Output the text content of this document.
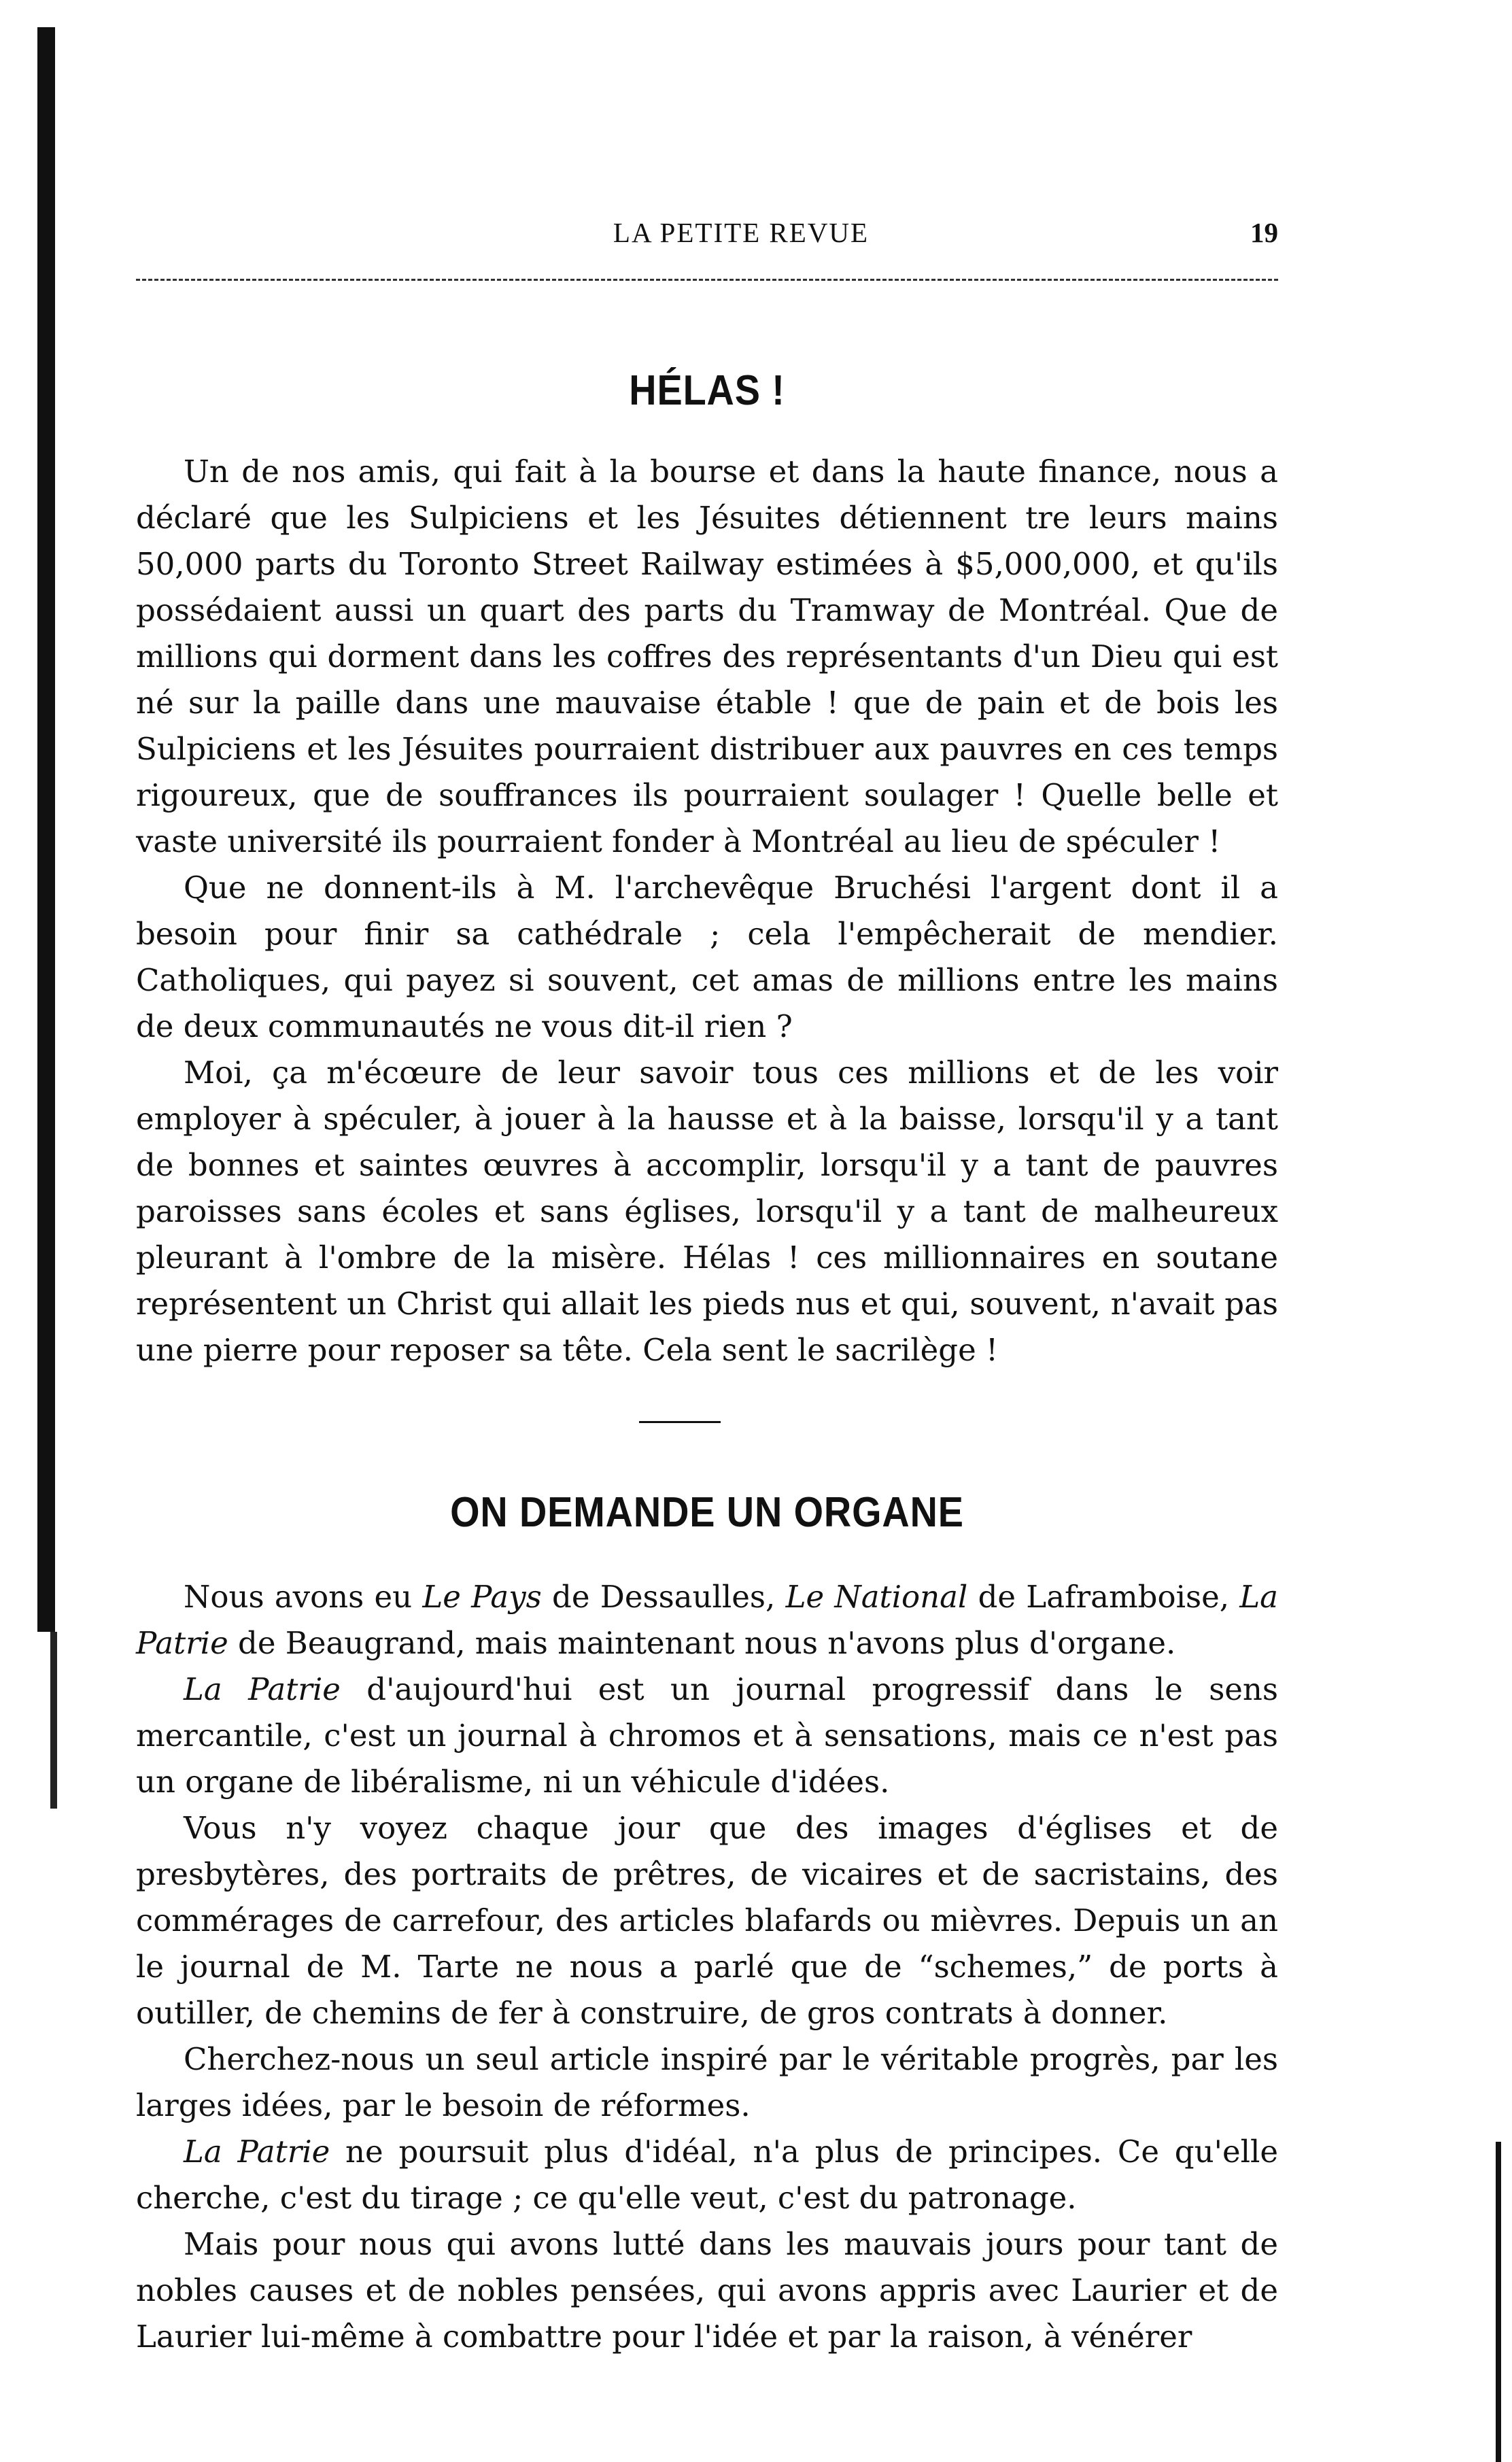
LA PETITE REVUE	19
HÉLAS !

Un de nos amis, qui fait à la bourse et dans la haute finance, nous a déclaré que les Sulpiciens et les Jésuites détiennent tre leurs mains 50,000 parts du Toronto Street Railway estimées à $5,000,000, et qu'ils possédaient aussi un quart des parts du Tramway de Montréal. Que de millions qui dorment dans les coffres des représentants d'un Dieu qui est né sur la paille dans une mauvaise étable ! que de pain et de bois les Sulpiciens et les Jésuites pourraient distribuer aux pauvres en ces temps rigoureux, que de souffrances ils pourraient soulager ! Quelle belle et vaste université ils pourraient fonder à Montréal au lieu de spéculer !

Que ne donnent-ils à M. l'archevêque Bruchési l'argent dont il a besoin pour finir sa cathédrale ; cela l'empêcherait de mendier. Catholiques, qui payez si souvent, cet amas de millions entre les mains de deux communautés ne vous dit-il rien ?

Moi, ça m'écœure de leur savoir tous ces millions et de les voir employer à spéculer, à jouer à la hausse et à la baisse, lorsqu'il y a tant de bonnes et saintes œuvres à accomplir, lorsqu'il y a tant de pauvres paroisses sans écoles et sans églises, lorsqu'il y a tant de malheureux pleurant à l'ombre de la misère. Hélas ! ces millionnaires en soutane représentent un Christ qui allait les pieds nus et qui, souvent, n'avait pas une pierre pour reposer sa tête. Cela sent le sacrilège !

ON DEMANDE UN ORGANE

Nous avons eu Le Pays de Dessaulles, Le National de Laframboise, La Patrie de Beaugrand, mais maintenant nous n'avons plus d'organe.

La Patrie d'aujourd'hui est un journal progressif dans le sens mercantile, c'est un journal à chromos et à sensations, mais ce n'est pas un organe de libéralisme, ni un véhicule d'idées.

Vous n'y voyez chaque jour que des images d'églises et de presbytères, des portraits de prêtres, de vicaires et de sacristains, des commérages de carrefour, des articles blafards ou mièvres. Depuis un an le journal de M. Tarte ne nous a parlé que de “schemes,” de ports à outiller, de chemins de fer à construire, de gros contrats à donner.

Cherchez-nous un seul article inspiré par le véritable progrès, par les larges idées, par le besoin de réformes.

La Patrie ne poursuit plus d'idéal, n'a plus de principes. Ce qu'elle cherche, c'est du tirage ; ce qu'elle veut, c'est du patronage.

Mais pour nous qui avons lutté dans les mauvais jours pour tant de nobles causes et de nobles pensées, qui avons appris avec Laurier et de Laurier lui-même à combattre pour l'idée et par la raison, à vénérer
